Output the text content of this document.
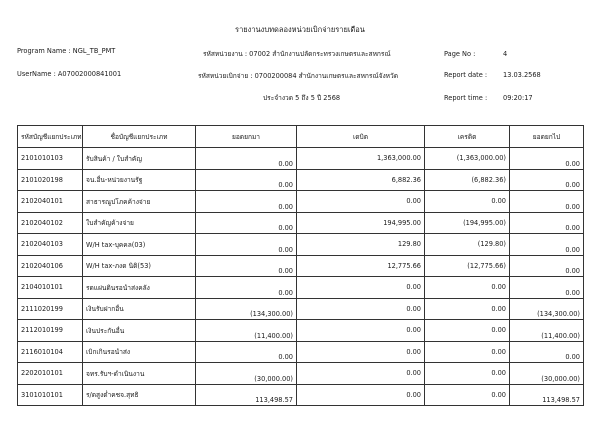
รายงานงบทดลองหน่วยเบิกจ่ายรายเดือน
Program Name : NGL_TB_PMT
UserName : A07002000841001
รหัสหน่วยงาน : 07002 สำนักงานปลัดกระทรวงเกษตรและสหกรณ์
รหัสหน่วยเบิกจ่าย : 0700200084 สำนักงานเกษตรและสหกรณ์จังหวัด
ประจำงวด 5 ถึง 5 ปี 2568
Page No :	4
Report date : 13.03.2568
Report time : 09:20:17
รหัสบัญชีแยกประเภท	ชื่อบัญชีแยกประเภท	ยอดยกมา	เดบิต	เครดิต	ยอดยกไป
2101010103	รับสินค้า / ใบสำคัญ	0.00	1,363,000.00	(1,363,000.00)	0.00
2101020198	จน.อื่น-หน่วยงานรัฐ	0.00	6,882.36	(6,882.36)	0.00
2102040101	สาธารณูปโภคค้างจ่าย	0.00	0.00	0.00	0.00
2102040102	ใบสำคัญค้างจ่าย	0.00	194,995.00	(194,995.00)	0.00
2102040103	W/H tax-บุคคล(03)	0.00	129.80	(129.80)	0.00
2102040106	W/H tax-ภงด นิติ(53)	0.00	12,775.66	(12,775.66)	0.00
2104010101	รดแผ่นดินรอนำส่งคลัง	0.00	0.00	0.00	0.00
2111020199	เงินรับฝากอื่น	(134,300.00)	0.00	0.00	(134,300.00)
2112010199	เงินประกันอื่น	(11,400.00)	0.00	0.00	(11,400.00)
2116010104	เบิกเกินรอนำส่ง	0.00	0.00	0.00	0.00
2202010101	จทร.รับฯ-ดำเนินงาน	(30,000.00)	0.00	0.00	(30,000.00)
3101010101	ร/ดสูงต่ำคชจ.สุทธิ	113,498.57	0.00	0.00	113,498.57
